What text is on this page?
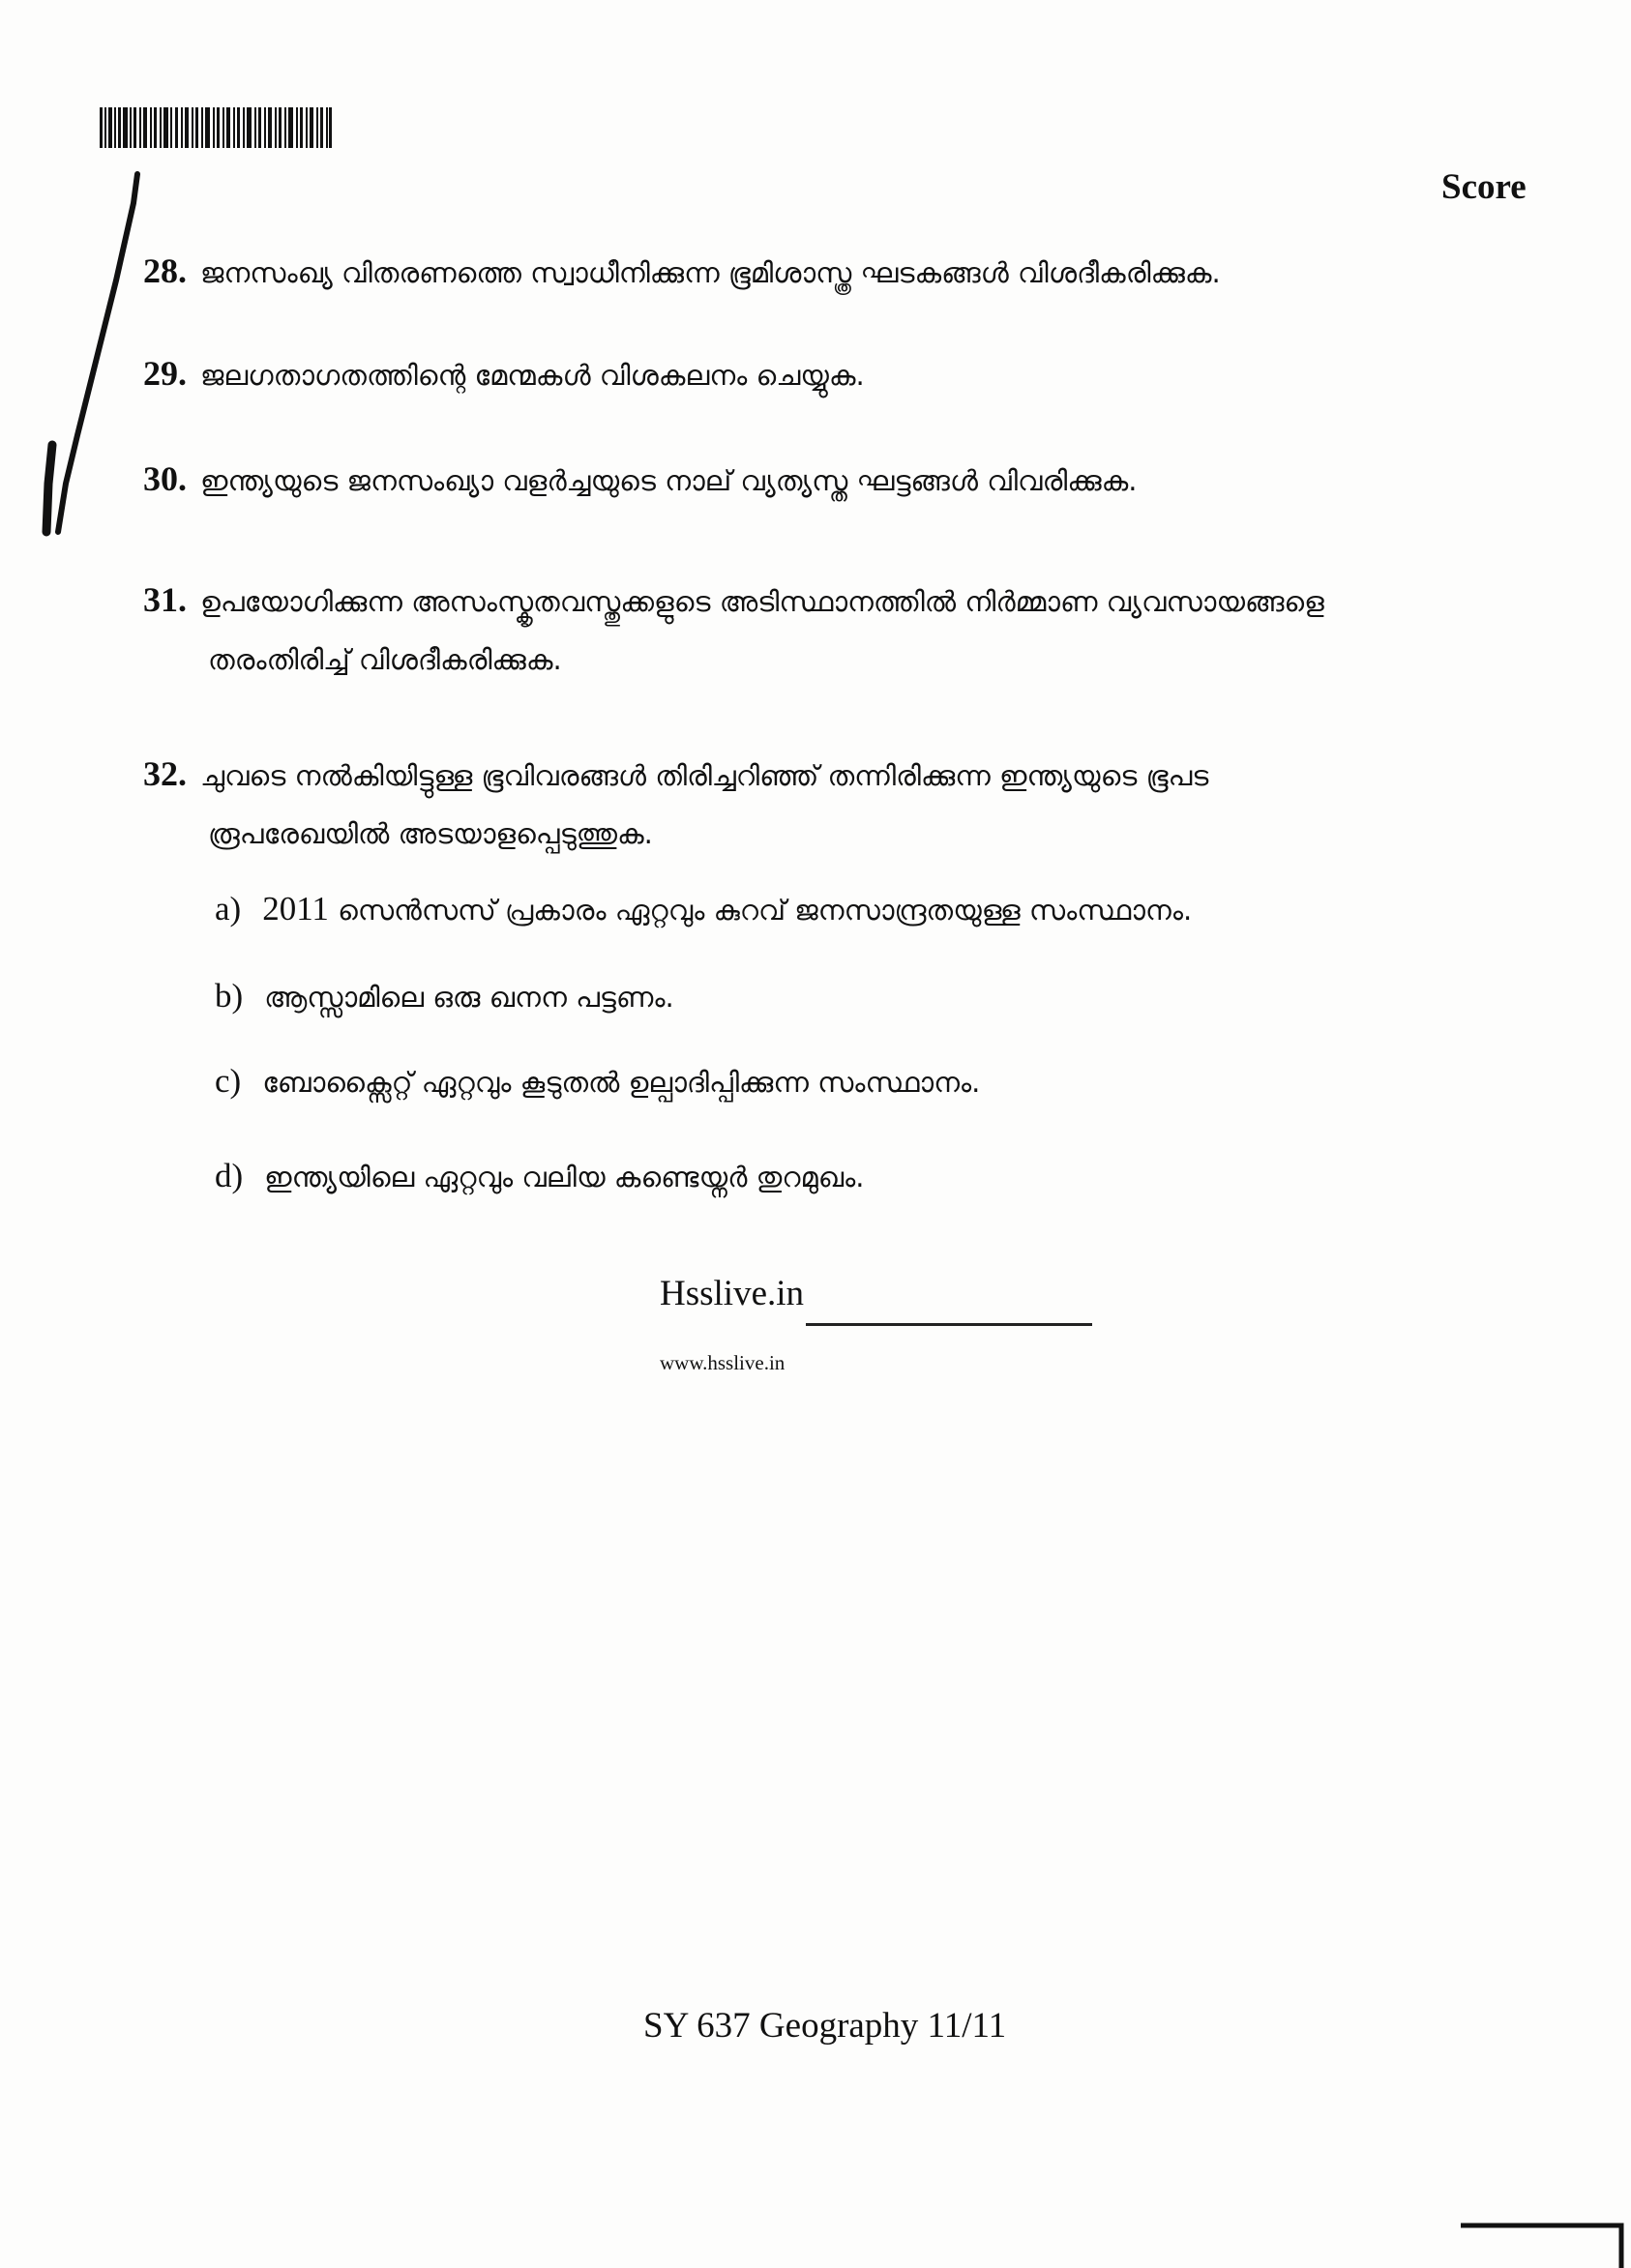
Score
28. ജനസംഖ്യ വിതരണത്തെ സ്വാധീനിക്കുന്ന ഭൂമിശാസ്ത്ര ഘടകങ്ങൾ വിശദീകരിക്കുക.
29. ജലഗതാഗതത്തിന്റെ മേന്മകൾ വിശകലനം ചെയ്യുക.
30. ഇന്ത്യയുടെ ജനസംഖ്യാ വളർച്ചയുടെ നാല് വ്യത്യസ്ത ഘട്ടങ്ങൾ വിവരിക്കുക.
31. ഉപയോഗിക്കുന്ന അസംസ്കൃതവസ്തുക്കളുടെ അടിസ്ഥാനത്തിൽ നിർമ്മാണ വ്യവസായങ്ങളെ
തരംതിരിച്ച് വിശദീകരിക്കുക.
32. ചുവടെ നൽകിയിട്ടുള്ള ഭൂവിവരങ്ങൾ തിരിച്ചറിഞ്ഞ് തന്നിരിക്കുന്ന ഇന്ത്യയുടെ ഭൂപട
രൂപരേഖയിൽ അടയാളപ്പെടുത്തുക.
a) 2011 സെൻസസ് പ്രകാരം ഏറ്റവും കുറവ് ജനസാന്ദ്രതയുള്ള സംസ്ഥാനം.
b) ആസ്സാമിലെ ഒരു ഖനന പട്ടണം.
c) ബോക്സൈറ്റ് ഏറ്റവും കൂടുതൽ ഉല്പാദിപ്പിക്കുന്ന സംസ്ഥാനം.
d) ഇന്ത്യയിലെ ഏറ്റവും വലിയ കണ്ടെയ്നർ തുറമുഖം.
Hsslive.in
www.hsslive.in
SY 637 Geography 11/11
